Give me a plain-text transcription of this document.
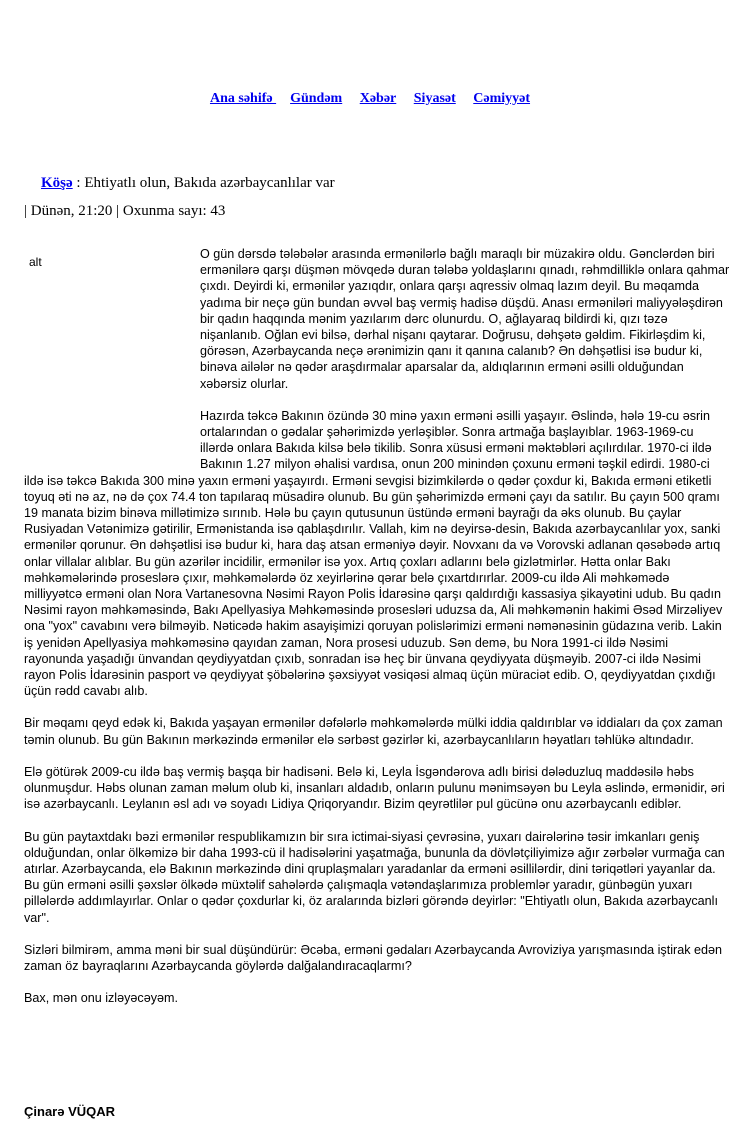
Ana səhifə Gündəm Xəbər Siyasət Cəmiyyət
Köşə : Ehtiyatlı olun, Bakıda azərbaycanlılar var
| Dünən, 21:20 | Oxunma sayı: 43
alt

O gün dərsdə tələbələr arasında ermənilərlə bağlı maraqlı bir müzakirə oldu. Gənclərdən biri ermənilərə qarşı düşmən mövqedə duran tələbə yoldaşlarını qınadı, rəhmdilliklə onlara qahmar çıxdı. Deyirdi ki, ermənilər yazıqdır, onlara qarşı aqressiv olmaq lazım deyil. Bu məqamda yadıma bir neçə gün bundan əvvəl baş vermiş hadisə düşdü. Anası erməniləri maliyyələşdirən bir qadın haqqında mənim yazılarım dərc olunurdu. O, ağlayaraq bildirdi ki, qızı təzə nişanlanıb. Oğlan evi bilsə, dərhal nişanı qaytarar. Doğrusu, dəhşətə gəldim. Fikirləşdim ki, görəsən, Azərbaycanda neçə ərənimizin qanı it qanına calanıb? Ən dəhşətlisi isə budur ki, binəva ailələr nə qədər araşdırmalar aparsalar da, aldıqlarının erməni əsilli olduğundan xəbərsiz olurlar.

Hazırda təkcə Bakının özündə 30 minə yaxın erməni əsilli yaşayır. Əslində, hələ 19-cu əsrin ortalarından o gədalar şəhərimizdə yerləşiblər. Sonra artmağa başlayıblar. 1963-1969-cu illərdə onlara Bakıda kilsə belə tikilib. Sonra xüsusi erməni məktəbləri açılırdılar. 1970-ci ildə Bakının 1.27 milyon əhalisi vardısa, onun 200 minindən çoxunu erməni təşkil edirdi. 1980-ci ildə isə təkcə Bakıda 300 minə yaxın erməni yaşayırdı. Erməni sevgisi bizimkilərdə o qədər çoxdur ki, Bakıda erməni etiketli toyuq əti nə az, nə də çox 74.4 ton tapılaraq müsadirə olunub. Bu gün şəhərimizdə erməni çayı da satılır. Bu çayın 500 qramı 19 manata bizim binəva millətimizə sırınıb. Hələ bu çayın qutusunun üstündə erməni bayrağı da əks olunub. Bu çaylar Rusiyadan Vətənimizə gətirilir, Ermənistanda isə qablaşdırılır. Vallah, kim nə deyirsə-desin, Bakıda azərbaycanlılar yox, sanki ermənilər qorunur. Ən dəhşətlisi isə budur ki, hara daş atsan erməniyə dəyir. Novxanı da və Vorovski adlanan qəsəbədə artıq onlar villalar alıblar. Bu gün azərilər incidilir, ermənilər isə yox. Artıq çoxları adlarını belə gizlətmirlər. Hətta onlar Bakı məhkəmələrində proseslərə çıxır, məhkəmələrdə öz xeyirlərinə qərar belə çıxartdırırlar. 2009-cu ildə Ali məhkəmədə milliyyətcə erməni olan Nora Vartanesovna Nəsimi Rayon Polis İdarəsinə qarşı qaldırdığı kassasiya şikayətini udub. Bu qadın Nəsimi rayon məhkəməsində, Bakı Apellyasiya Məhkəməsində prosesləri uduzsa da, Ali məhkəmənin hakimi Əsəd Mirzəliyev ona "yox" cavabını verə bilməyib. Nəticədə hakim asayişimizi qoruyan polislərimizi erməni nəmənəsinin güdazına verib. Lakin iş yenidən Apellyasiya məhkəməsinə qayıdan zaman, Nora prosesi uduzub. Sən demə, bu Nora 1991-ci ildə Nəsimi rayonunda yaşadığı ünvandan qeydiyyatdan çıxıb, sonradan isə heç bir ünvana qeydiyyata düşməyib. 2007-ci ildə Nəsimi rayon Polis İdarəsinin pasport və qeydiyyat şöbələrinə şəxsiyyət vəsiqəsi almaq üçün müraciət edib. O, qeydiyyatdan çıxdığı üçün rədd cavabı alıb.

Bir məqamı qeyd edək ki, Bakıda yaşayan ermənilər dəfələrlə məhkəmələrdə mülki iddia qaldırıblar və iddiaları da çox zaman təmin olunub. Bu gün Bakının mərkəzində ermənilər elə sərbəst gəzirlər ki, azərbaycanlıların həyatları təhlükə altındadır.

Elə götürək 2009-cu ildə baş vermiş başqa bir hadisəni. Belə ki, Leyla İsgəndərova adlı birisi dələduzluq maddəsilə həbs olunmuşdur. Həbs olunan zaman məlum olub ki, insanları aldadıb, onların pulunu mənimsəyən bu Leyla əslində, ermənidir, əri isə azərbaycanlı. Leylanın əsl adı və soyadı Lidiya Qriqoryandır. Bizim qeyrətlilər pul gücünə onu azərbaycanlı ediblər.

Bu gün paytaxtdakı bəzi ermənilər respublikamızın bir sıra ictimai-siyasi çevrəsinə, yuxarı dairələrinə təsir imkanları geniş olduğundan, onlar ölkəmizə bir daha 1993-cü il hadisələrini yaşatmağa, bununla da dövlətçiliyimizə ağır zərbələr vurmağa can atırlar. Azərbaycanda, elə Bakının mərkəzində dini qruplaşmaları yaradanlar da erməni əsillilərdir, dini təriqətləri yayanlar da. Bu gün erməni əsilli şəxslər ölkədə müxtəlif sahələrdə çalışmaqla vətəndaşlarımıza problemlər yaradır, günbəgün yuxarı pillələrdə addımlayırlar. Onlar o qədər çoxdurlar ki, öz aralarında bizləri görəndə deyirlər: "Ehtiyatlı olun, Bakıda azərbaycanlı var".

Sizləri bilmirəm, amma məni bir sual düşündürür: Əcəba, erməni gədaları Azərbaycanda Avroviziya yarışmasında iştirak edən zaman öz bayraqlarını Azərbaycanda göylərdə dalğalandıracaqlarmı?

Bax, mən onu izləyəcəyəm.

Çinarə VÜQAR
